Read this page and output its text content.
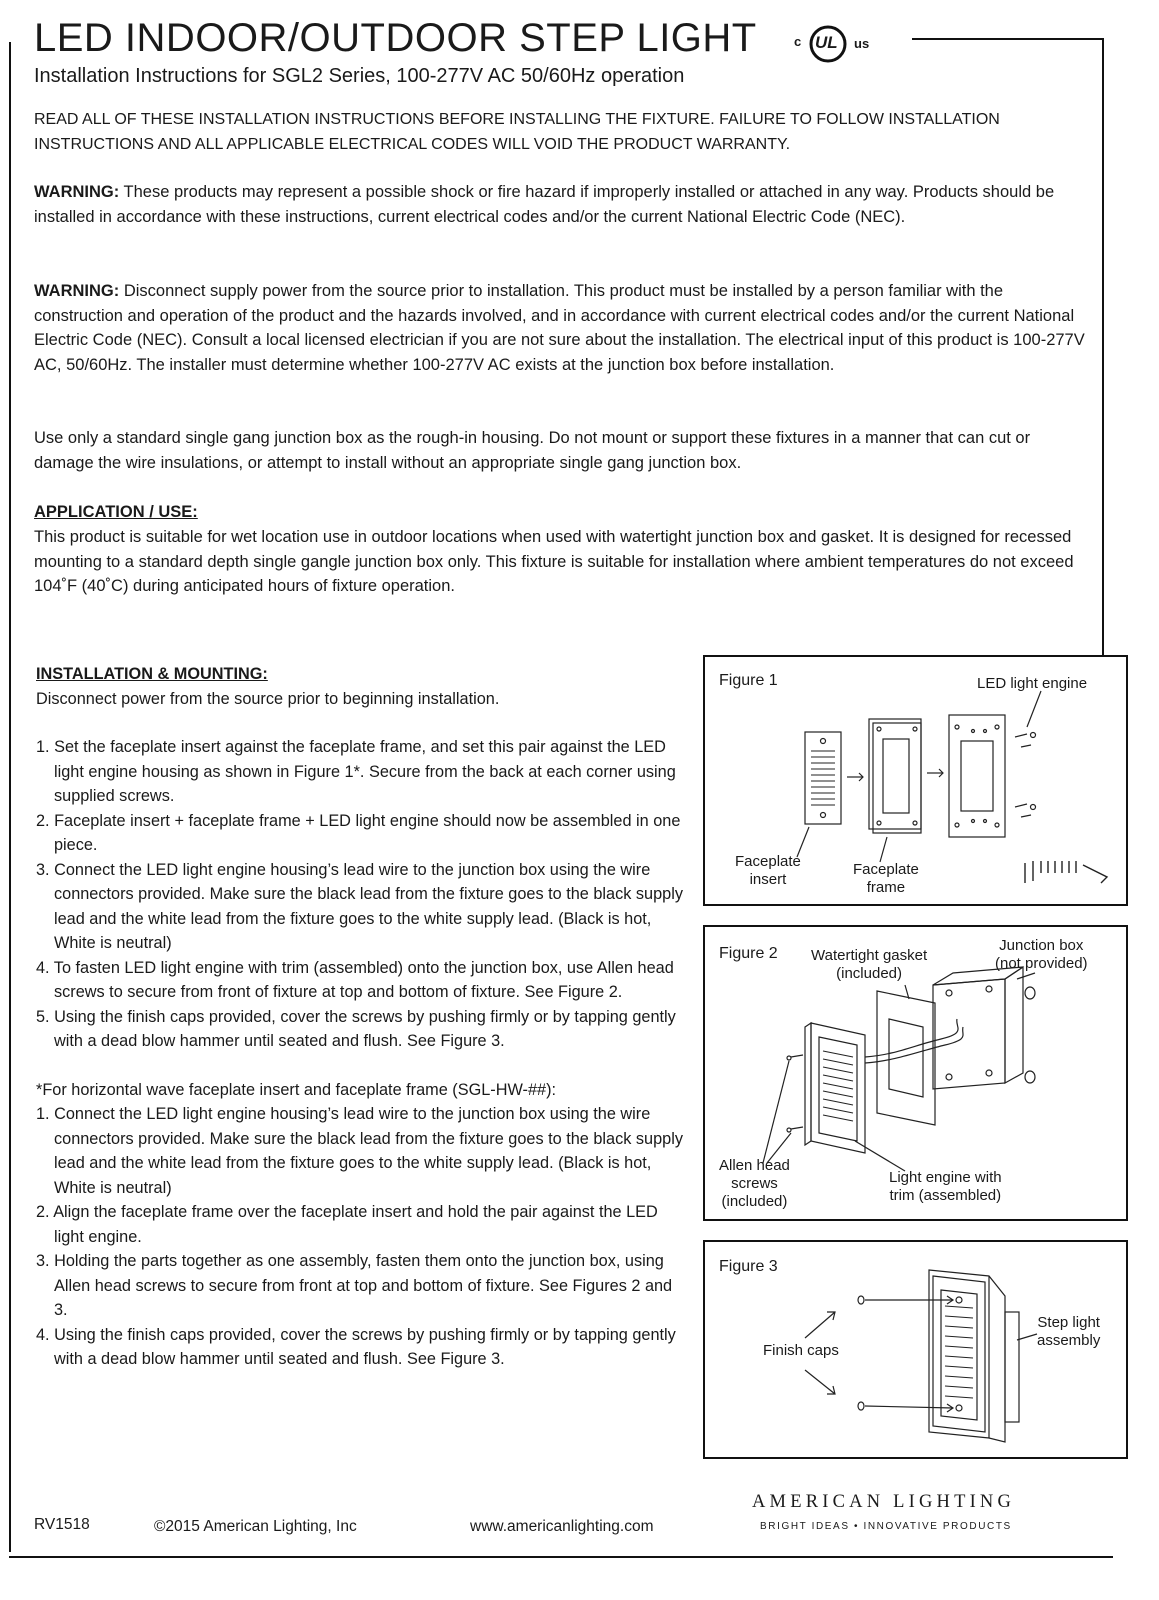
LED INDOOR/OUTDOOR STEP LIGHT
Installation Instructions for SGL2 Series, 100-277V AC 50/60Hz operation
c UL us
READ ALL OF THESE INSTALLATION INSTRUCTIONS BEFORE INSTALLING THE FIXTURE. FAILURE TO FOLLOW INSTALLATION INSTRUCTIONS AND ALL APPLICABLE ELECTRICAL CODES WILL VOID THE PRODUCT WARRANTY.
WARNING: These products may represent a possible shock or fire hazard if improperly installed or attached in any way. Products should be installed in accordance with these instructions, current electrical codes and/or the current National Electric Code (NEC).
WARNING: Disconnect supply power from the source prior to installation. This product must be installed by a person familiar with the construction and operation of the product and the hazards involved, and in accordance with current electrical codes and/or the current National Electric Code (NEC). Consult a local licensed electrician if you are not sure about the installation. The electrical input of this product is 100-277V AC, 50/60Hz. The installer must determine whether 100-277V AC exists at the junction box before installation.
Use only a standard single gang junction box as the rough-in housing. Do not mount or support these fixtures in a manner that can cut or damage the wire insulations, or attempt to install without an appropriate single gang junction box.
APPLICATION / USE:
This product is suitable for wet location use in outdoor locations when used with watertight junction box and gasket. It is designed for recessed mounting to a standard depth single gangle junction box only. This fixture is suitable for installation where ambient temperatures do not exceed 104˚F (40˚C) during anticipated hours of fixture operation.
INSTALLATION & MOUNTING:
Disconnect power from the source prior to beginning installation.
1. Set the faceplate insert against the faceplate frame, and set this pair against the LED light engine housing as shown in Figure 1*. Secure from the back at each corner using supplied screws.
2. Faceplate insert + faceplate frame + LED light engine should now be assembled in one piece.
3. Connect the LED light engine housing’s lead wire to the junction box using the wire connectors provided. Make sure the black lead from the fixture goes to the black supply lead and the white lead from the fixture goes to the white supply lead. (Black is hot, White is neutral)
4. To fasten LED light engine with trim (assembled) onto the junction box, use Allen head screws to secure from front of fixture at top and bottom of fixture. See Figure 2.
5. Using the finish caps provided, cover the screws by pushing firmly or by tapping gently with a dead blow hammer until seated and flush. See Figure 3.
*For horizontal wave faceplate insert and faceplate frame (SGL-HW-##):
1. Connect the LED light engine housing’s lead wire to the junction box using the wire connectors provided. Make sure the black lead from the fixture goes to the black supply lead and the white lead from the fixture goes to the white supply lead. (Black is hot, White is neutral)
2. Align the faceplate frame over the faceplate insert and hold the pair against the LED light engine.
3. Holding the parts together as one assembly, fasten them onto the junction box, using Allen head screws to secure from front at top and bottom of fixture. See Figures 2 and 3.
4. Using the finish caps provided, cover the screws by pushing firmly or by tapping gently with a dead blow hammer until seated and flush. See Figure 3.
Figure 1	LED light engine
Faceplate
insert
Faceplate
frame
Figure 2 Watertight gasket
(included)
Junction box
(not provided)
Allen head
screws
(included)
Light engine with
trim (assembled)
Figure 3
Finish caps
Step light
assembly
RV1518	©2015 American Lighting, Inc	www.americanlighting.com
AMERICAN LIGHTING
BRIGHT IDEAS • INNOVATIVE PRODUCTS
